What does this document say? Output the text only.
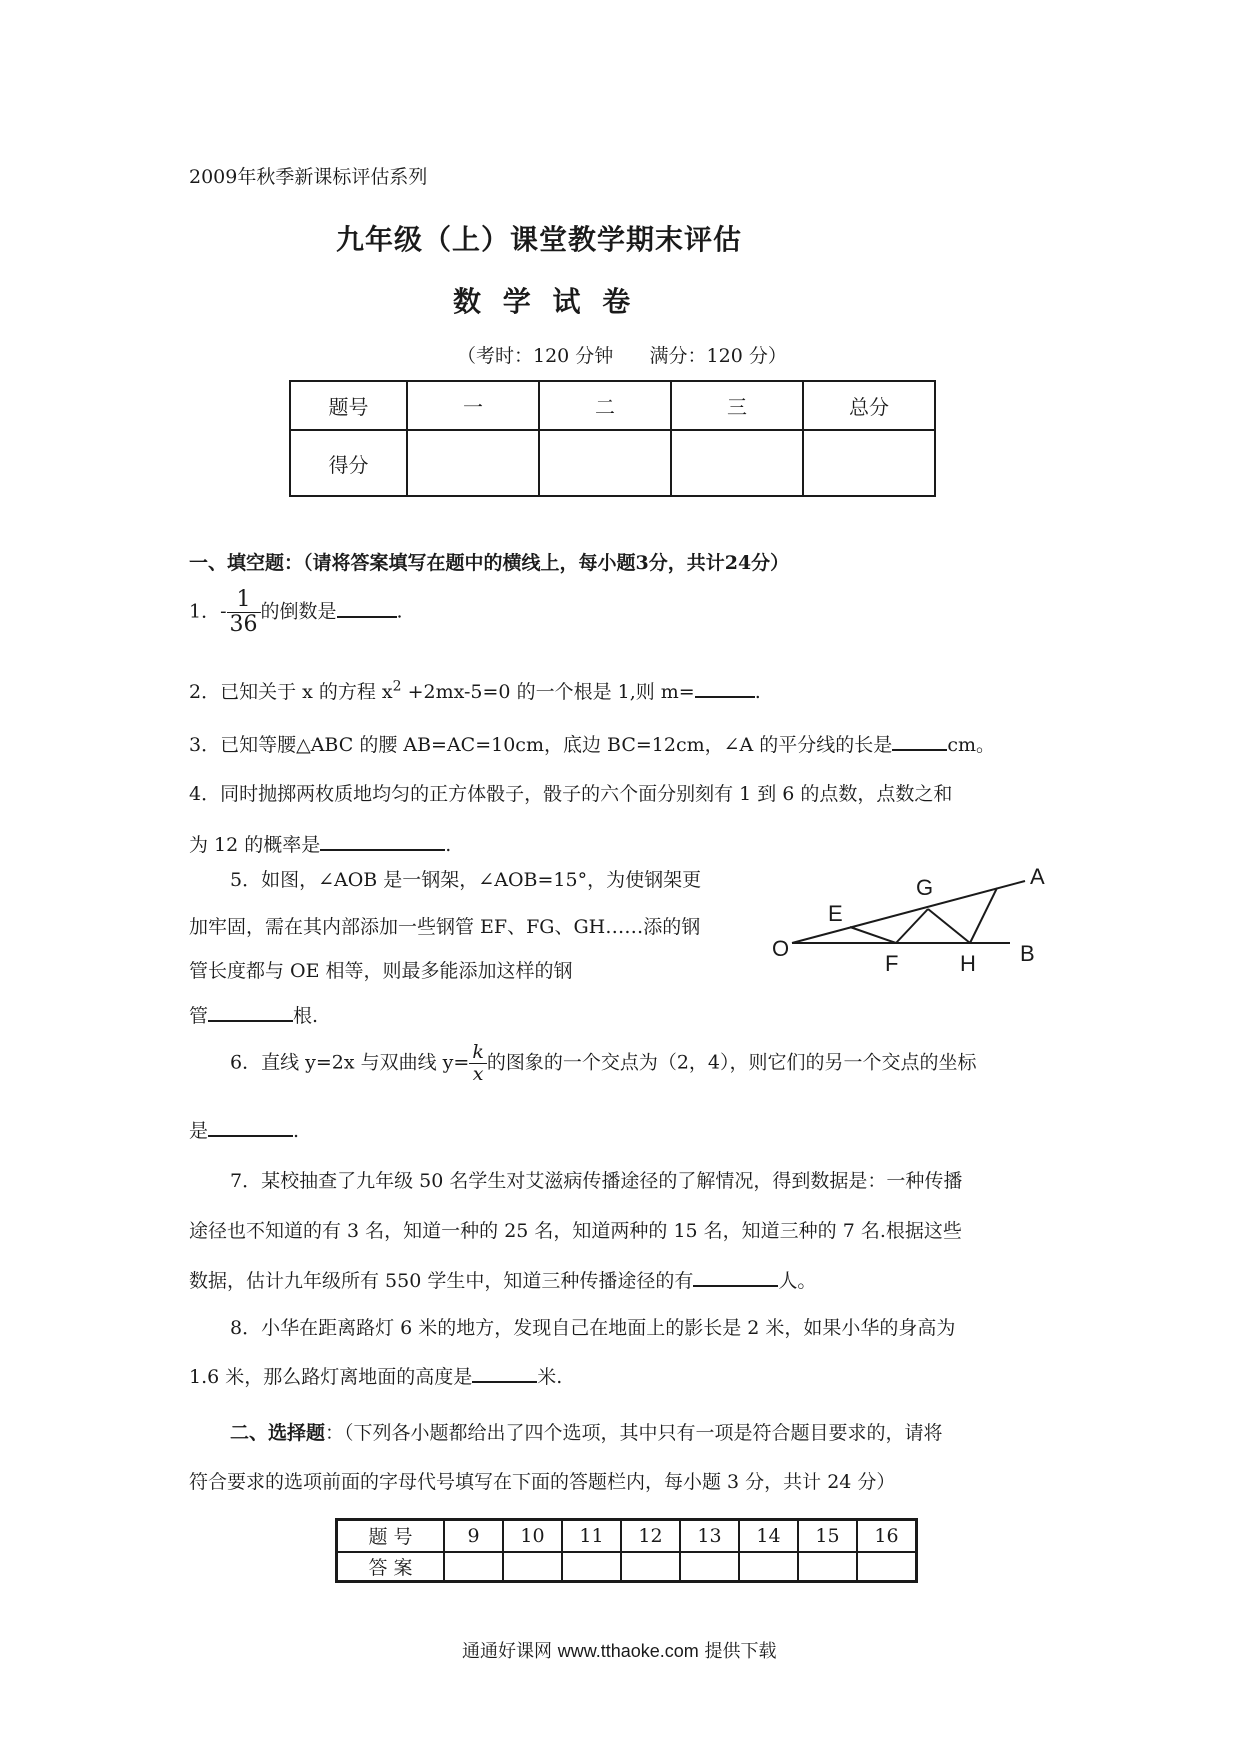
2009年秋季新课标评估系列
九年级（上）课堂教学期末评估
数 学 试 卷
（考时：120 分钟      满分：120 分）
题号	一	二	三	总分
得分				
一、填空题：（请将答案填写在题中的横线上，每小题3分，共计24分）
1．- $\frac{1}{36}$ 的倒数是	.
2．已知关于 x 的方程 $x^2 +2mx-5=0$ 的一个根是 1,则 m=	.
3．已知等腰△ABC 的腰 AB=AC=10cm，底边 BC=12cm，∠A 的平分线的长是	cm。
4．同时抛掷两枚质地均匀的正方体骰子，骰子的六个面分别刻有 1 到 6 的点数，点数之和
为 12 的概率是	.
5．如图，∠AOB 是一钢架，∠AOB=15°，为使钢架更
加牢固，需在其内部添加一些钢管 EF、FG、GH……添的钢
管长度都与 OE 相等，则最多能添加这样的钢
管	根.
O
E
F
G
H
A
B
6．直线 y=2x 与双曲线 $y= \frac{k}{x}$ 的图象的一个交点为（2，4），则它们的另一个交点的坐标
是	.
7．某校抽查了九年级 50 名学生对艾滋病传播途径的了解情况，得到数据是：一种传播
途径也不知道的有 3 名，知道一种的 25 名，知道两种的 15 名，知道三种的 7 名.根据这些
数据，估计九年级所有 550 学生中，知道三种传播途径的有	人。
8．小华在距离路灯 6 米的地方，发现自己在地面上的影长是 2 米，如果小华的身高为
1.6 米，那么路灯离地面的高度是	米.
二、选择题：（下列各小题都给出了四个选项，其中只有一项是符合题目要求的，请将
符合要求的选项前面的字母代号填写在下面的答题栏内，每小题 3 分，共计 24 分）
题 号	9	10	11	12	13	14	15	16
答 案								
通通好课网 www.tthaoke.com 提供下载
